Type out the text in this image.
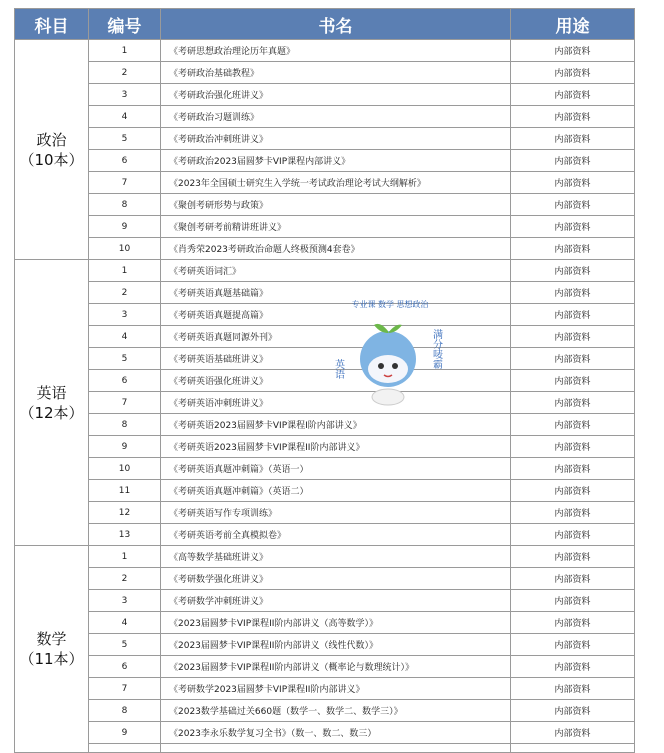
科目	编号	书名	用途

政治
（10本）	1	《考研思想政治理论历年真题》	内部资料
	2	《考研政治基础教程》	内部资料
	3	《考研政治强化班讲义》	内部资料
	4	《考研政治习题训练》	内部资料
	5	《考研政治冲刺班讲义》	内部资料
	6	《考研政治2023届圆梦卡VIP课程内部讲义》	内部资料
	7	《2023年全国硕士研究生入学统一考试政治理论考试大纲解析》	内部资料
	8	《聚创考研形势与政策》	内部资料
	9	《聚创考研考前精讲班讲义》	内部资料
	10	《肖秀荣2023考研政治命题人终极预测4套卷》	内部资料

英语
（12本）	1	《考研英语词汇》	内部资料
	2	《考研英语真题基础篇》	内部资料
	3	《考研英语真题提高篇》	内部资料
	4	《考研英语真题同源外刊》	内部资料
	5	《考研英语基础班讲义》	内部资料
	6	《考研英语强化班讲义》	内部资料
	7	《考研英语冲刺班讲义》	内部资料
	8	《考研英语2023届圆梦卡VIP课程I阶内部讲义》	内部资料
	9	《考研英语2023届圆梦卡VIP课程II阶内部讲义》	内部资料
	10	《考研英语真题冲刺篇》（英语一）	内部资料
	11	《考研英语真题冲刺篇》（英语二）	内部资料
	12	《考研英语写作专项训练》	内部资料
	13	《考研英语考前全真模拟卷》	内部资料

数学
（11本）	1	《高等数学基础班讲义》	内部资料
	2	《考研数学强化班讲义》	内部资料
	3	《考研数学冲刺班讲义》	内部资料
	4	《2023届圆梦卡VIP课程II阶内部讲义（高等数学）》	内部资料
	5	《2023届圆梦卡VIP课程II阶内部讲义（线性代数）》	内部资料
	6	《2023届圆梦卡VIP课程II阶内部讲义（概率论与数理统计）》	内部资料
	7	《考研数学2023届圆梦卡VIP课程II阶内部讲义》	内部资料
	8	《2023数学基础过关660题（数学一、数学二、数学三）》	内部资料
	9	《2023李永乐数学复习全书》（数一、数二、数三）	内部资料

专业课 数学 思想政治
英语	满分唛霸
